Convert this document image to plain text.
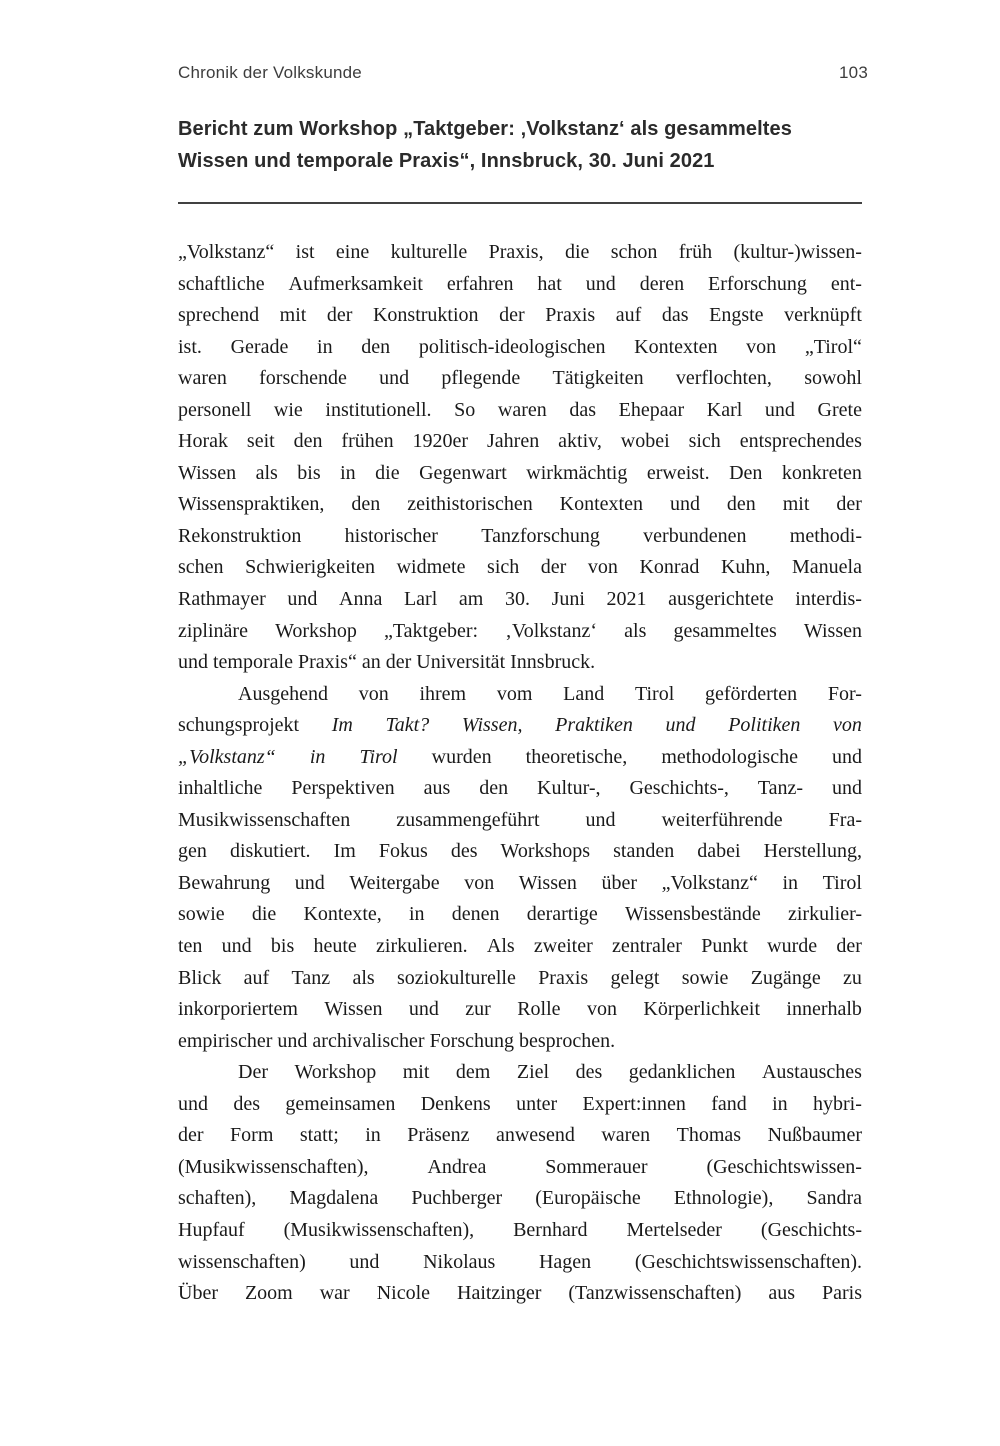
Chronik der Volkskunde	103
Bericht zum Workshop „Taktgeber: ‚Volkstanz‘ als gesammeltes
Wissen und temporale Praxis“, Innsbruck, 30. Juni 2021
„Volkstanz“ ist eine kulturelle Praxis, die schon früh (kultur-)wissen-
schaftliche Aufmerksamkeit erfahren hat und deren Erforschung ent-
sprechend mit der Konstruktion der Praxis auf das Engste verknüpft
ist. Gerade in den politisch-ideologischen Kontexten von „Tirol“
waren forschende und pflegende Tätigkeiten verflochten, sowohl
personell wie institutionell. So waren das Ehepaar Karl und Grete
Horak seit den frühen 1920er Jahren aktiv, wobei sich entsprechendes
Wissen als bis in die Gegenwart wirkmächtig erweist. Den konkreten
Wissenspraktiken, den zeithistorischen Kontexten und den mit der
Rekonstruktion historischer Tanzforschung verbundenen methodi-
schen Schwierigkeiten widmete sich der von Konrad Kuhn, Manuela
Rathmayer und Anna Larl am 30. Juni 2021 ausgerichtete interdis-
ziplinäre Workshop „Taktgeber: ‚Volkstanz‘ als gesammeltes Wissen
und temporale Praxis“ an der Universität Innsbruck.
Ausgehend von ihrem vom Land Tirol geförderten For-
schungsprojekt Im Takt? Wissen, Praktiken und Politiken von
„Volkstanz“ in Tirol wurden theoretische, methodologische und
inhaltliche Perspektiven aus den Kultur-, Geschichts-, Tanz- und
Musikwissenschaften zusammengeführt und weiterführende Fra-
gen diskutiert. Im Fokus des Workshops standen dabei Herstellung,
Bewahrung und Weitergabe von Wissen über „Volkstanz“ in Tirol
sowie die Kontexte, in denen derartige Wissensbestände zirkulier-
ten und bis heute zirkulieren. Als zweiter zentraler Punkt wurde der
Blick auf Tanz als soziokulturelle Praxis gelegt sowie Zugänge zu
inkorporiertem Wissen und zur Rolle von Körperlichkeit innerhalb
empirischer und archivalischer Forschung besprochen.
Der Workshop mit dem Ziel des gedanklichen Austausches
und des gemeinsamen Denkens unter Expert:innen fand in hybri-
der Form statt; in Präsenz anwesend waren Thomas Nußbaumer
(Musikwissenschaften),	Andrea	Sommerauer	(Geschichtswissen-
schaften), Magdalena Puchberger (Europäische Ethnologie), Sandra
Hupfauf (Musikwissenschaften), Bernhard Mertelseder (Geschichts-
wissenschaften) und Nikolaus Hagen (Geschichtswissenschaften).
Über Zoom war Nicole Haitzinger (Tanzwissenschaften) aus Paris
